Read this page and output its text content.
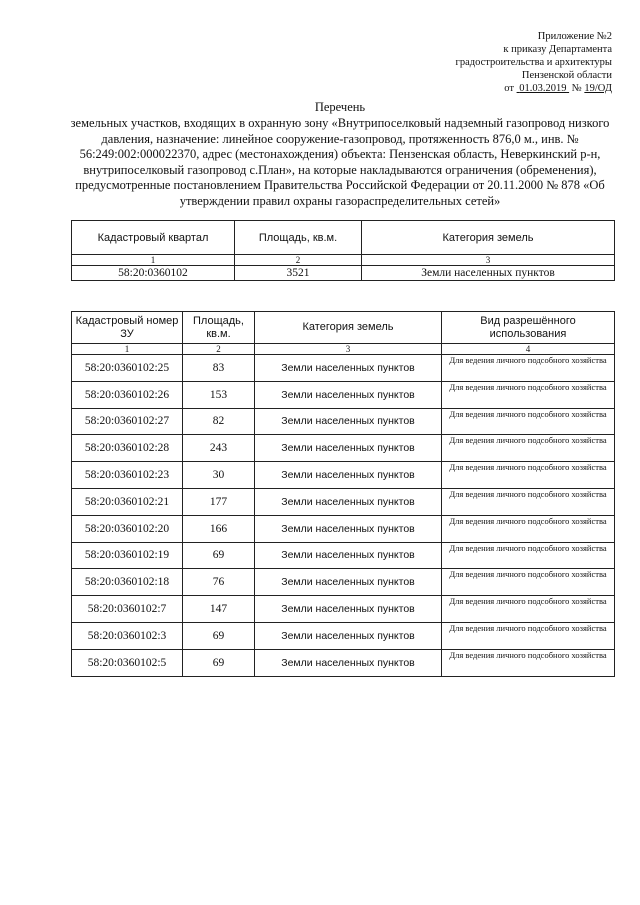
Приложение №2
к приказу Департамента
градостроительства и архитектуры
Пензенской области
от 01.03.2019 № 19/ОД
Перечень
земельных участков, входящих в охранную зону «Внутрипоселковый надземный газопровод низкого давления, назначение: линейное сооружение-газопровод, протяженность 876,0 м., инв. № 56:249:002:000022370, адрес (местонахождения) объекта: Пензенская область, Неверкинский р-н, внутрипоселковый газопровод с.План», на которые накладываются ограничения (обременения), предусмотренные постановлением Правительства Российской Федерации от 20.11.2000 № 878 «Об утверждении правил охраны газораспределительных сетей»
Кадастровый квартал	Площадь, кв.м.	Категория земель
1	2	3
58:20:0360102	3521	Земли населенных пунктов
Кадастровый номер ЗУ	Площадь, кв.м.	Категория земель	Вид разрешённого использования
1	2	3	4
58:20:0360102:25	83	Земли населенных пунктов	Для ведения личного подсобного хозяйства
58:20:0360102:26	153	Земли населенных пунктов	Для ведения личного подсобного хозяйства
58:20:0360102:27	82	Земли населенных пунктов	Для ведения личного подсобного хозяйства
58:20:0360102:28	243	Земли населенных пунктов	Для ведения личного подсобного хозяйства
58:20:0360102:23	30	Земли населенных пунктов	Для ведения личного подсобного хозяйства
58:20:0360102:21	177	Земли населенных пунктов	Для ведения личного подсобного хозяйства
58:20:0360102:20	166	Земли населенных пунктов	Для ведения личного подсобного хозяйства
58:20:0360102:19	69	Земли населенных пунктов	Для ведения личного подсобного хозяйства
58:20:0360102:18	76	Земли населенных пунктов	Для ведения личного подсобного хозяйства
58:20:0360102:7	147	Земли населенных пунктов	Для ведения личного подсобного хозяйства
58:20:0360102:3	69	Земли населенных пунктов	Для ведения личного подсобного хозяйства
58:20:0360102:5	69	Земли населенных пунктов	Для ведения личного подсобного хозяйства
